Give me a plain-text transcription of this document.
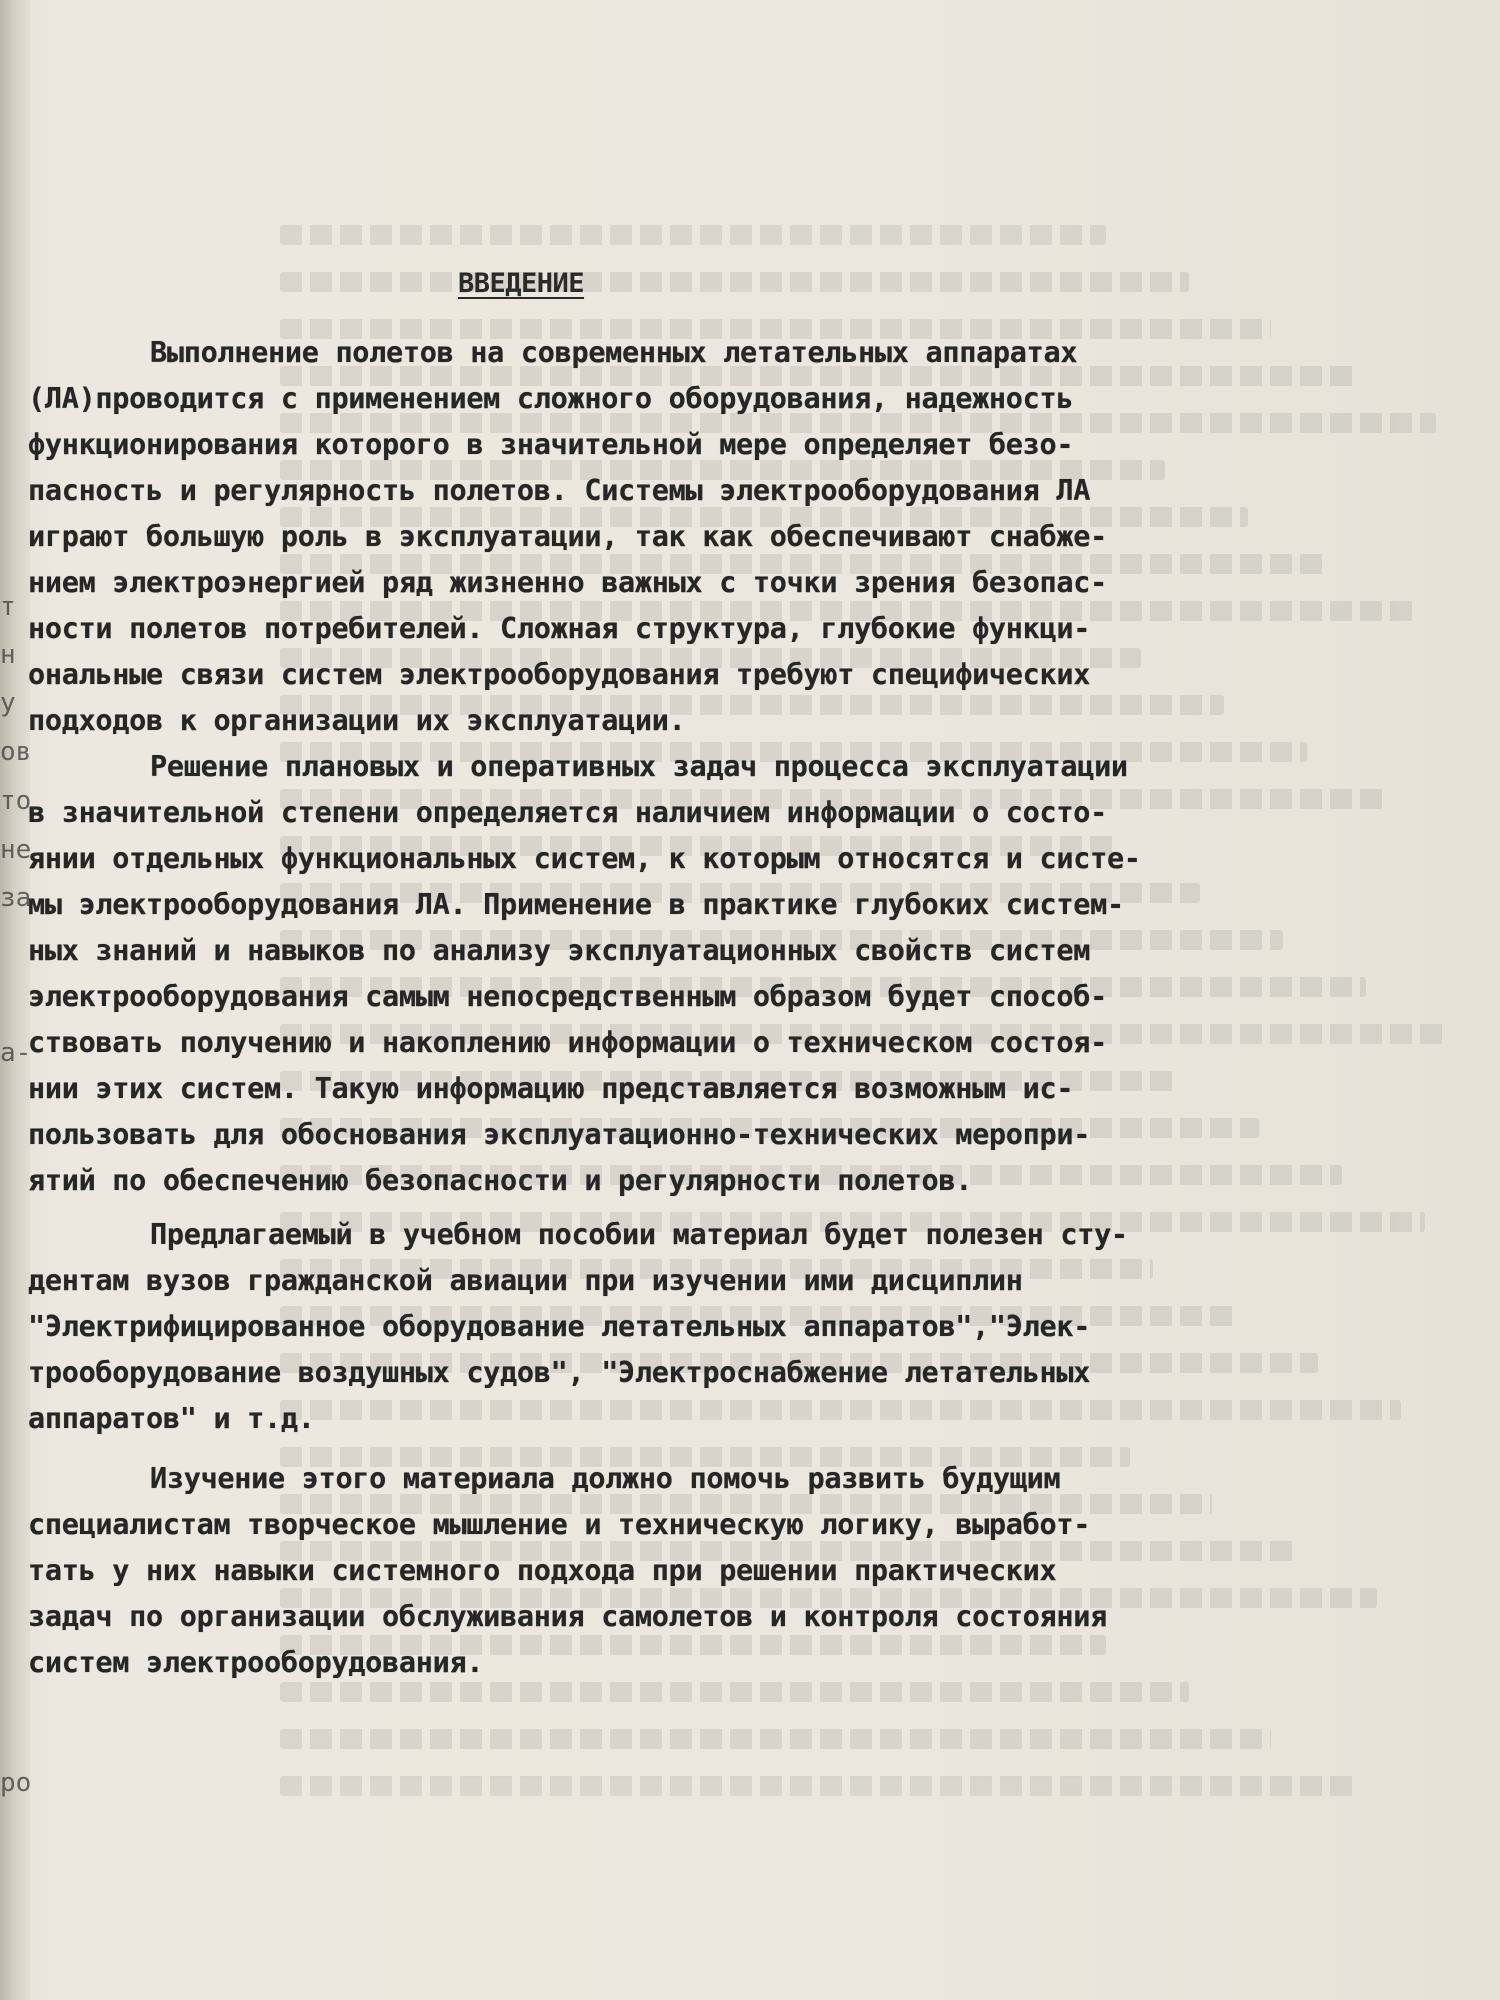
т
н
у
ов
то
не
за
а-
ро
ВВЕДЕНИЕ
Выполнение полетов на современных летательных аппаратах
(ЛА)проводится с применением сложного оборудования, надежность
функционирования которого в значительной мере определяет безо-
пасность и регулярность полетов. Системы электрооборудования ЛА
играют большую роль в эксплуатации, так как обеспечивают снабже-
нием электроэнергией ряд жизненно важных с точки зрения безопас-
ности полетов потребителей. Сложная структура, глубокие функци-
ональные связи систем электрооборудования требуют специфических
подходов к организации их эксплуатации.
Решение плановых и оперативных задач процесса эксплуатации
в значительной степени определяется наличием информации о состо-
янии отдельных функциональных систем, к которым относятся и систе-
мы электрооборудования ЛА. Применение в практике глубоких систем-
ных знаний и навыков по анализу эксплуатационных свойств систем
электрооборудования самым непосредственным образом будет способ-
ствовать получению и накоплению информации о техническом состоя-
нии этих систем. Такую информацию представляется возможным ис-
пользовать для обоснования эксплуатационно-технических меропри-
ятий по обеспечению безопасности и регулярности полетов.
Предлагаемый в учебном пособии материал будет полезен сту-
дентам вузов гражданской авиации при изучении ими дисциплин
"Электрифицированное оборудование летательных аппаратов","Элек-
трооборудование воздушных судов", "Электроснабжение летательных
аппаратов" и т.д.
Изучение этого материала должно помочь развить будущим
специалистам творческое мышление и техническую логику, выработ-
тать у них навыки системного подхода при решении практических
задач по организации обслуживания самолетов и контроля состояния
систем электрооборудования.
